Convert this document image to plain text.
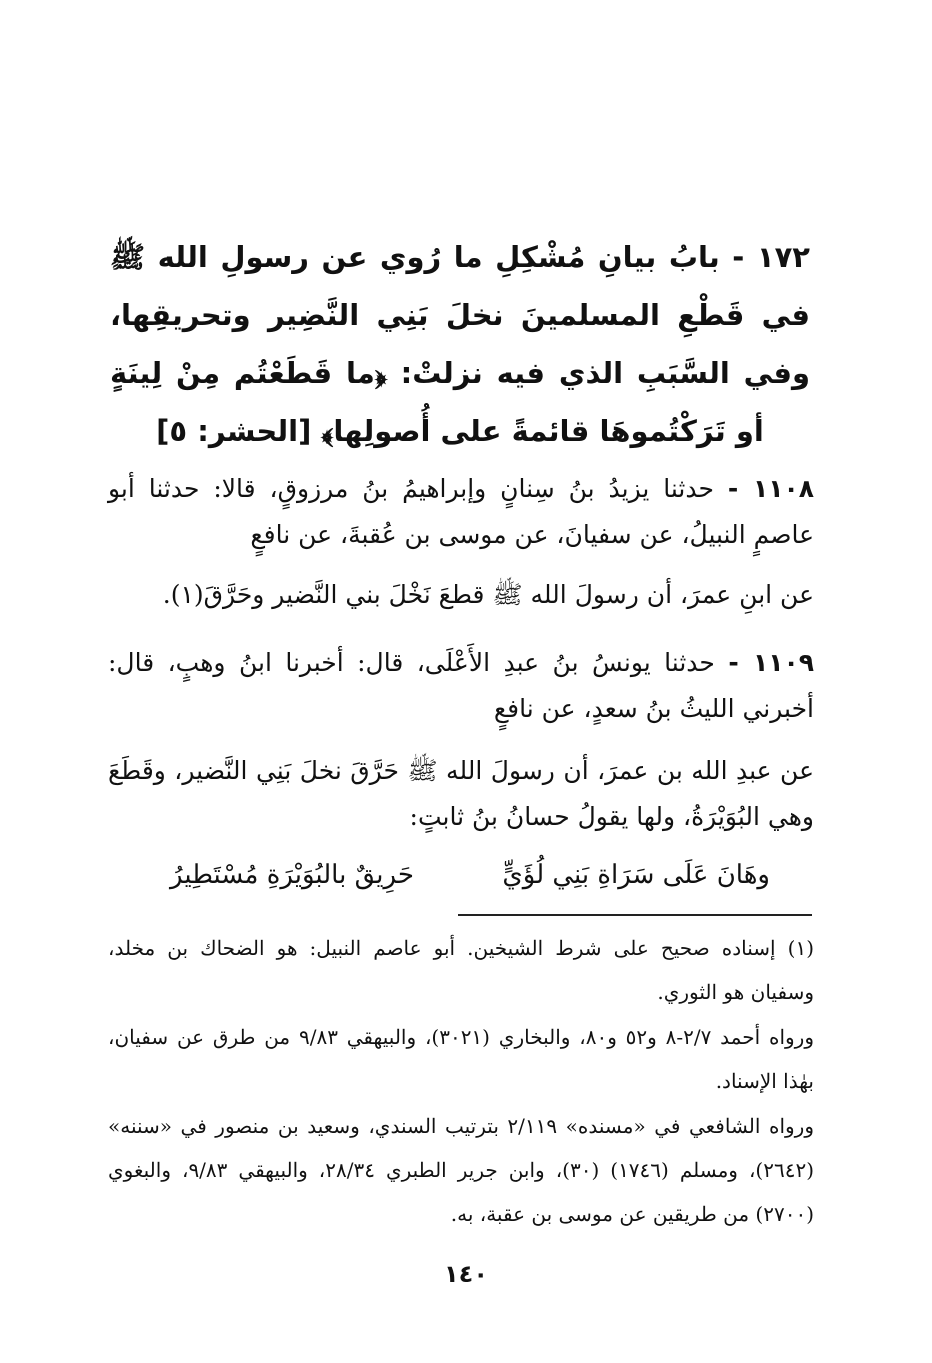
١٧٢ - بابُ بيانِ مُشْكِلِ ما رُوي عن رسولِ الله ﷺ في قَطْعِ المسلمينَ نخلَ بَنِي النَّضِير وتحريقِها، وفي السَّبَبِ الذي فيه نزلتْ: ﴿ما قَطَعْتُم مِنْ لِينَةٍ أو تَرَكْتُموهَا قائمةً على أُصولِها﴾ [الحشر: ٥]
١١٠٨ - حدثنا يزيدُ بنُ سِنانٍ وإبراهيمُ بنُ مرزوقٍ، قالا: حدثنا أبو عاصمٍ النبيلُ، عن سفيانَ، عن موسى بن عُقبةَ، عن نافعٍ
عن ابنِ عمرَ، أن رسولَ الله ﷺ قطعَ نَخْلَ بني النَّضير وحَرَّقَ(١).
١١٠٩ - حدثنا يونسُ بنُ عبدِ الأَعْلَى، قال: أخبرنا ابنُ وهبٍ، قال: أخبرني الليثُ بنُ سعدٍ، عن نافعٍ
عن عبدِ الله بن عمرَ، أن رسولَ الله ﷺ حَرَّقَ نخلَ بَنِي النَّضير، وقَطَعَ وهي البُوَيْرَةُ، ولها يقولُ حسانُ بنُ ثابتٍ:
وهَانَ عَلَى سَرَاةِ بَنِي لُؤَيٍّ
حَرِيقٌ بالبُوَيْرَةِ مُسْتَطِيرُ
(١) إسناده صحيح على شرط الشيخين. أبو عاصم النبيل: هو الضحاك بن مخلد، وسفيان هو الثوري.
ورواه أحمد ٢/٧-٨ و٥٢ و٨٠، والبخاري (٣٠٢١)، والبيهقي ٩/٨٣ من طرق عن سفيان، بهٰذا الإسناد.
ورواه الشافعي في «مسنده» ٢/١١٩ بترتيب السندي، وسعيد بن منصور في «سننه» (٢٦٤٢)، ومسلم (١٧٤٦) (٣٠)، وابن جرير الطبري ٢٨/٣٤، والبيهقي ٩/٨٣، والبغوي (٢٧٠٠) من طريقين عن موسى بن عقبة، به.
١٤٠
